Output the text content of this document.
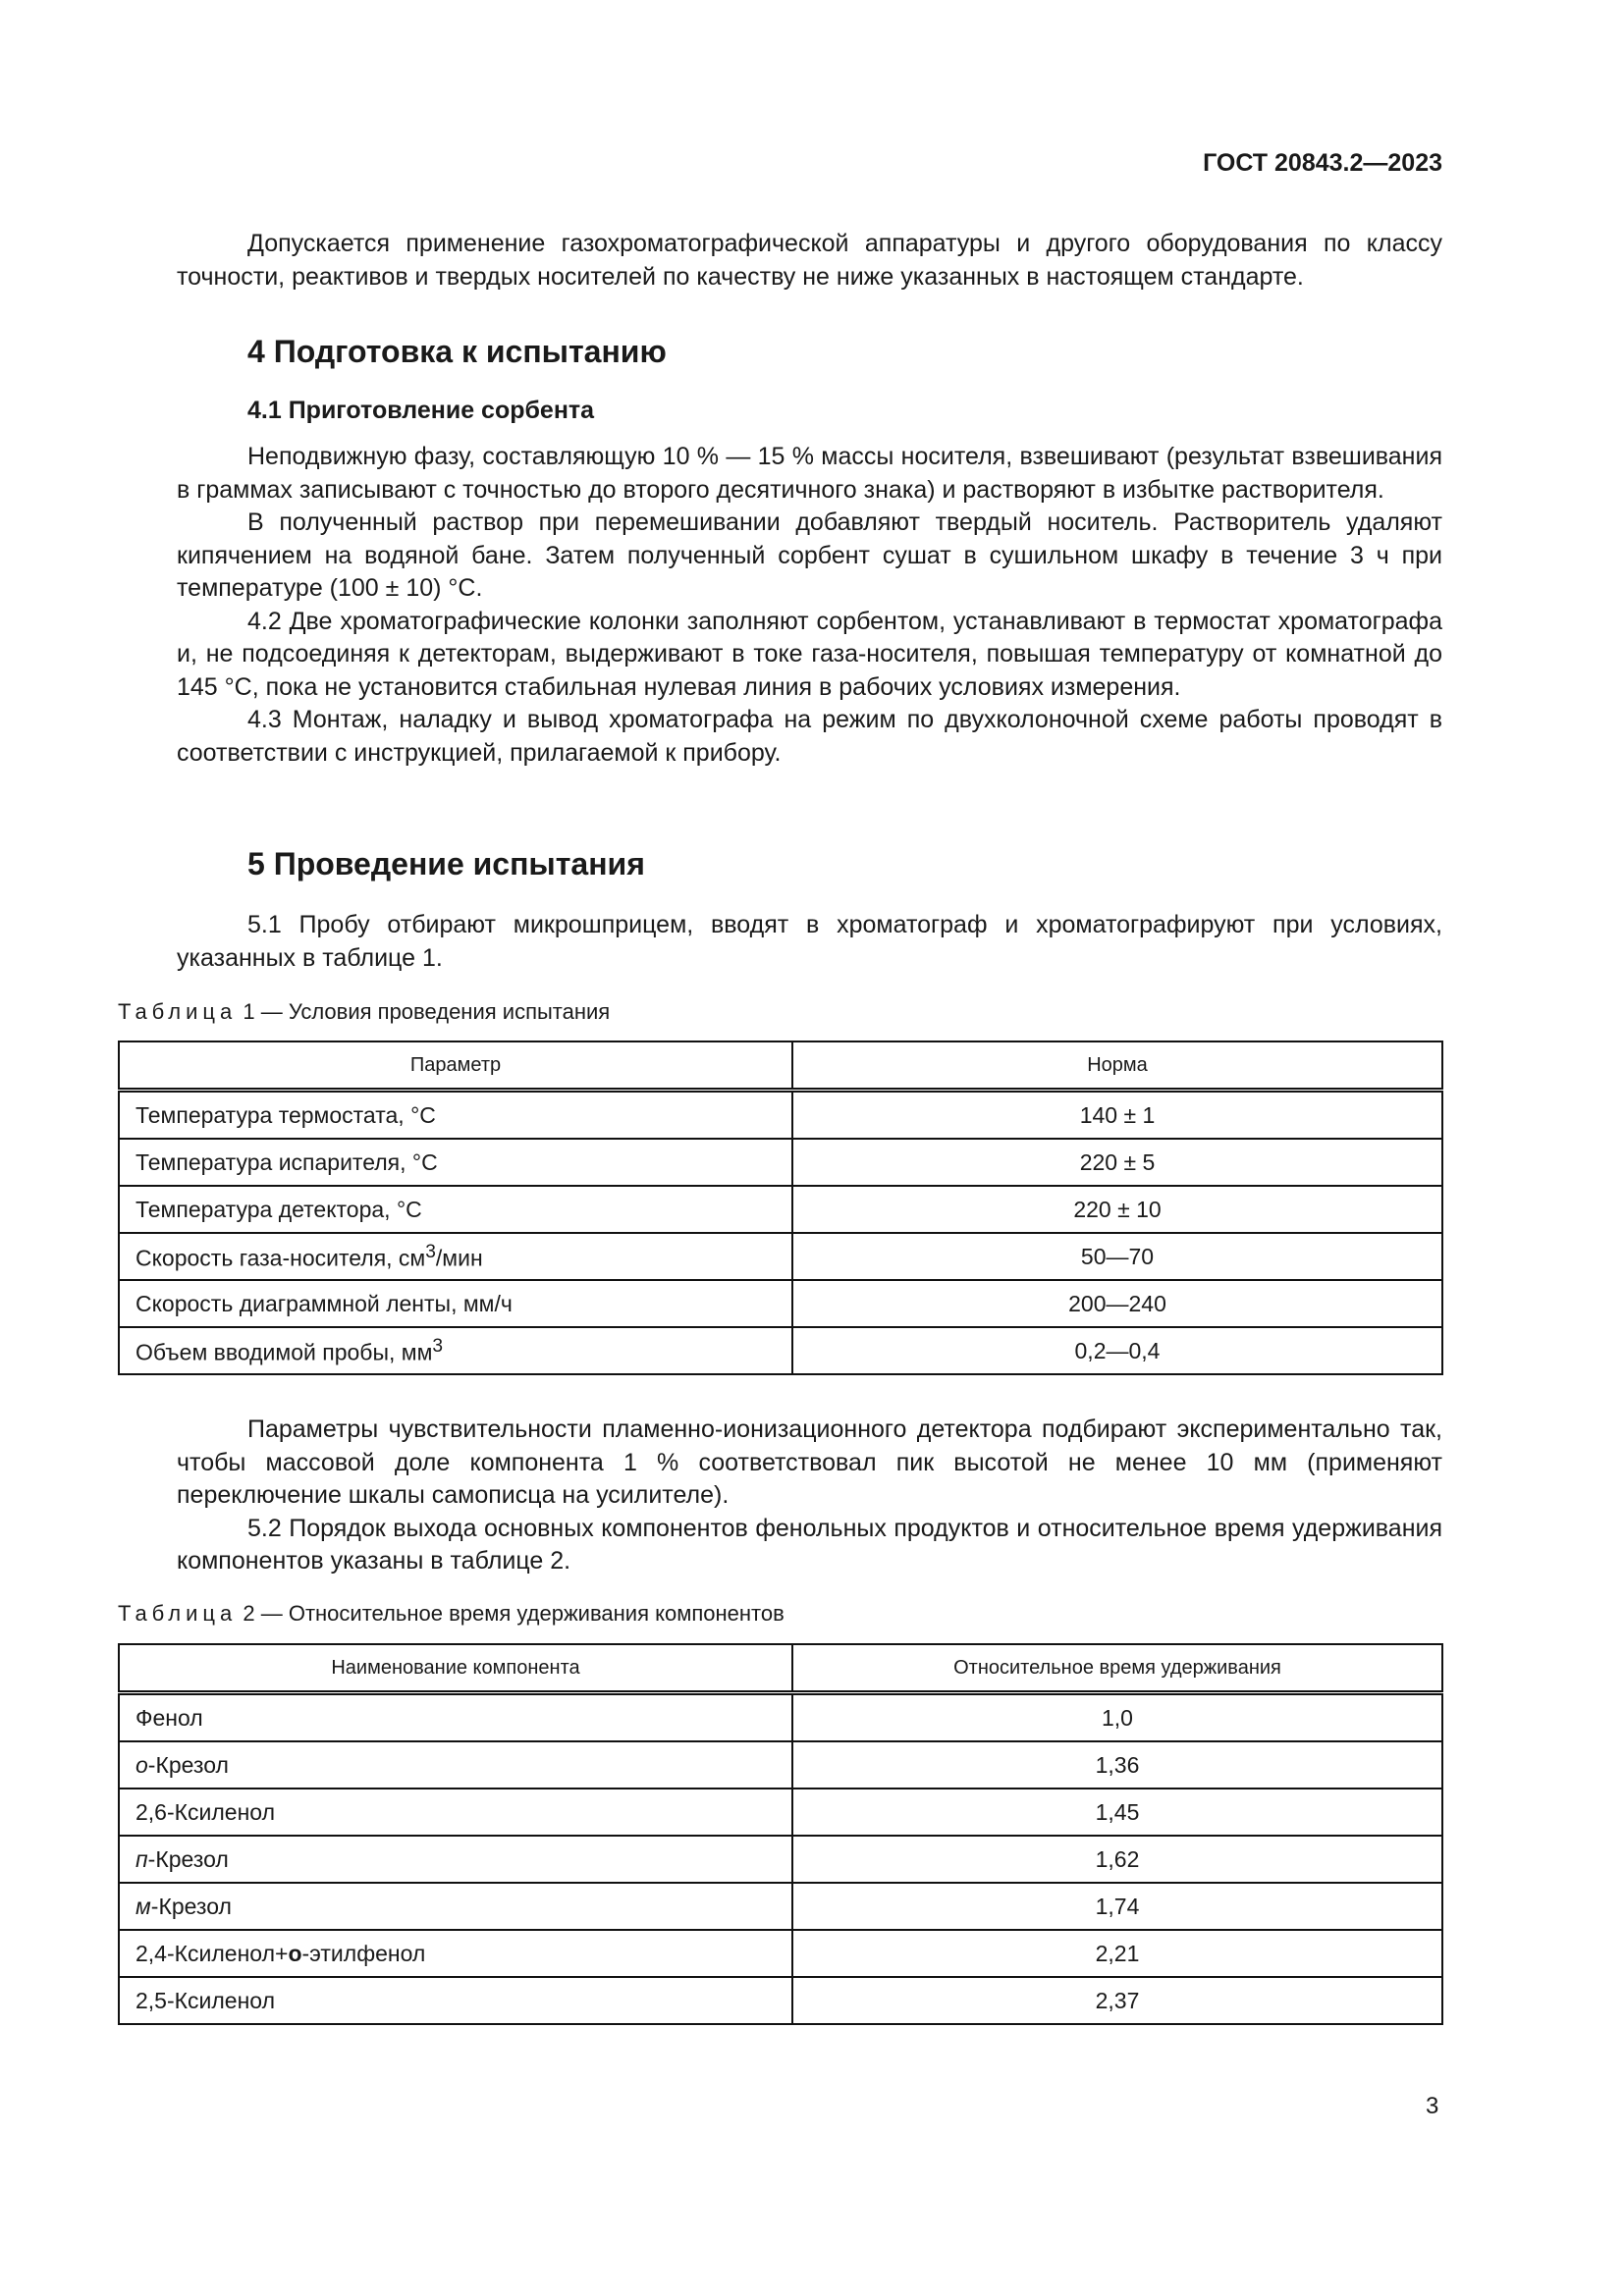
ГОСТ 20843.2—2023

Допускается применение газохроматографической аппаратуры и другого оборудования по классу точности, реактивов и твердых носителей по качеству не ниже указанных в настоящем стандарте.

4 Подготовка к испытанию
4.1 Приготовление сорбента

Неподвижную фазу, составляющую 10 % — 15 % массы носителя, взвешивают (результат взвешивания в граммах записывают с точностью до второго десятичного знака) и растворяют в избытке растворителя.

В полученный раствор при перемешивании добавляют твердый носитель. Растворитель удаляют кипячением на водяной бане. Затем полученный сорбент сушат в сушильном шкафу в течение 3 ч при температуре (100 ± 10) °С.

4.2 Две хроматографические колонки заполняют сорбентом, устанавливают в термостат хроматографа и, не подсоединяя к детекторам, выдерживают в токе газа-носителя, повышая температуру от комнатной до 145 °С, пока не установится стабильная нулевая линия в рабочих условиях измерения.

4.3 Монтаж, наладку и вывод хроматографа на режим по двухколоночной схеме работы проводят в соответствии с инструкцией, прилагаемой к прибору.

5 Проведение испытания

5.1 Пробу отбирают микрошприцем, вводят в хроматограф и хроматографируют при условиях, указанных в таблице 1.

Таблица 1 — Условия проведения испытания
Параметр	Норма
Температура термостата, °С	140 ± 1
Температура испарителя, °С	220 ± 5
Температура детектора, °С	220 ± 10
Скорость газа-носителя, $см^3$/мин	50—70
Скорость диаграммной ленты, мм/ч	200—240
Объем вводимой пробы, $мм^3$	0,2—0,4

Параметры чувствительности пламенно-ионизационного детектора подбирают экспериментально так, чтобы массовой доле компонента 1 % соответствовал пик высотой не менее 10 мм (применяют переключение шкалы самописца на усилителе).

5.2 Порядок выхода основных компонентов фенольных продуктов и относительное время удерживания компонентов указаны в таблице 2.

Таблица 2 — Относительное время удерживания компонентов
Наименование компонента	Относительное время удерживания
Фенол	1,0
о-Крезол	1,36
2,6-Ксиленол	1,45
п-Крезол	1,62
м-Крезол	1,74
2,4-Ксиленол+о-этилфенол	2,21
2,5-Ксиленол	2,37
3
